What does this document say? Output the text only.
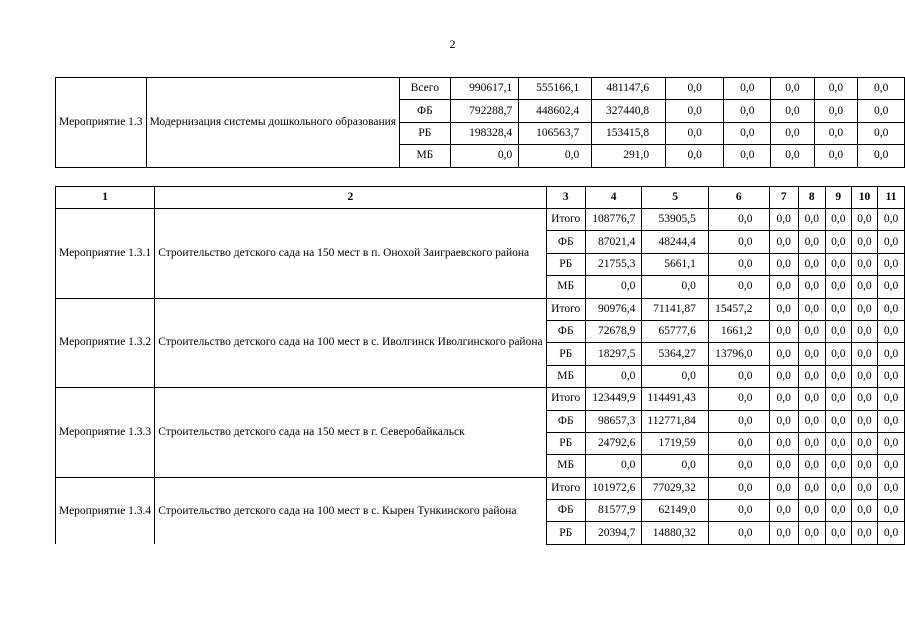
2
Мероприятие 1.3	Модернизация системы дошкольного образования	Всего	990617,1	555166,1	481147,6	0,0	0,0	0,0	0,0	0,0
		ФБ	792288,7	448602,4	327440,8	0,0	0,0	0,0	0,0	0,0
		РБ	198328,4	106563,7	153415,8	0,0	0,0	0,0	0,0	0,0
		МБ	0,0	0,0	291,0	0,0	0,0	0,0	0,0	0,0
1	2	3	4	5	6	7	8	9	10	11
Мероприятие 1.3.1	Строительство детского сада на 150 мест в п. Онохой Заиграевского района	Итого	108776,7	53905,5	0,0	0,0	0,0	0,0	0,0	0,0
		ФБ	87021,4	48244,4	0,0	0,0	0,0	0,0	0,0	0,0
		РБ	21755,3	5661,1	0,0	0,0	0,0	0,0	0,0	0,0
		МБ	0,0	0,0	0,0	0,0	0,0	0,0	0,0	0,0
Мероприятие 1.3.2	Строительство детского сада на 100 мест в с. Иволгинск Иволгинского района	Итого	90976,4	71141,87	15457,2	0,0	0,0	0,0	0,0	0,0
		ФБ	72678,9	65777,6	1661,2	0,0	0,0	0,0	0,0	0,0
		РБ	18297,5	5364,27	13796,0	0,0	0,0	0,0	0,0	0,0
		МБ	0,0	0,0	0,0	0,0	0,0	0,0	0,0	0,0
Мероприятие 1.3.3	Строительство детского сада на 150 мест в г. Северобайкальск	Итого	123449,9	114491,43	0,0	0,0	0,0	0,0	0,0	0,0
		ФБ	98657,3	112771,84	0,0	0,0	0,0	0,0	0,0	0,0
		РБ	24792,6	1719,59	0,0	0,0	0,0	0,0	0,0	0,0
		МБ	0,0	0,0	0,0	0,0	0,0	0,0	0,0	0,0
Мероприятие 1.3.4	Строительство детского сада на 100 мест в с. Кырен Тункинского района	Итого	101972,6	77029,32	0,0	0,0	0,0	0,0	0,0	0,0
		ФБ	81577,9	62149,0	0,0	0,0	0,0	0,0	0,0	0,0
		РБ	20394,7	14880,32	0,0	0,0	0,0	0,0	0,0	0,0
